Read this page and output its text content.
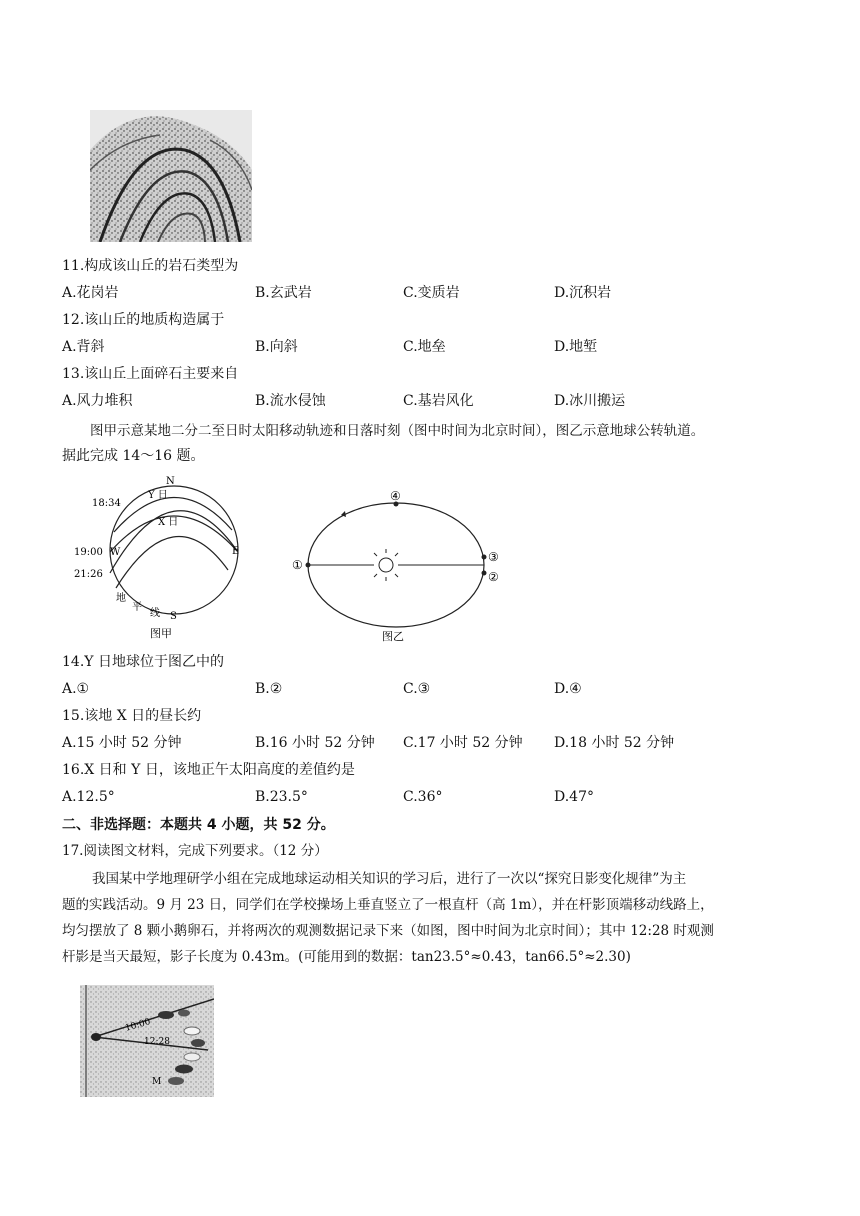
11.构成该山丘的岩石类型为
A.花岗岩	B.玄武岩	C.变质岩	D.沉积岩
12.该山丘的地质构造属于
A.背斜	B.向斜	C.地垒	D.地堑
13.该山丘上面碎石主要来自
A.风力堆积	B.流水侵蚀	C.基岩风化	D.冰川搬运
图甲示意某地二分二至日时太阳移动轨迹和日落时刻（图中时间为北京时间），图乙示意地球公转轨道。
据此完成 14～16 题。
N
18:34
Y 日
X 日
19:00 W	E
21:26
地
平
线 S
图甲
①
②
③
④
图乙
14.Y 日地球位于图乙中的
A.①	B.②	C.③	D.④
15.该地 X 日的昼长约
A.15 小时 52 分钟	B.16 小时 52 分钟 C.17 小时 52 分钟 D.18 小时 52 分钟
16.X 日和 Y 日，该地正午太阳高度的差值约是
A.12.5°	B.23.5°	C.36°	D.47°
二、非选择题：本题共 4 小题，共 52 分。
17.阅读图文材料，完成下列要求。（12 分）
我国某中学地理研学小组在完成地球运动相关知识的学习后，进行了一次以“探究日影变化规律”为主
题的实践活动。9 月 23 日，同学们在学校操场上垂直竖立了一根直杆（高 1m），并在杆影顶端移动线路上，
均匀摆放了 8 颗小鹅卵石，并将两次的观测数据记录下来（如图，图中时间为北京时间）；其中 12:28 时观测
杆影是当天最短，影子长度为 0.43m。(可能用到的数据：tan23.5°≈0.43，tan66.5°≈2.30)
10:00
12:28
M
